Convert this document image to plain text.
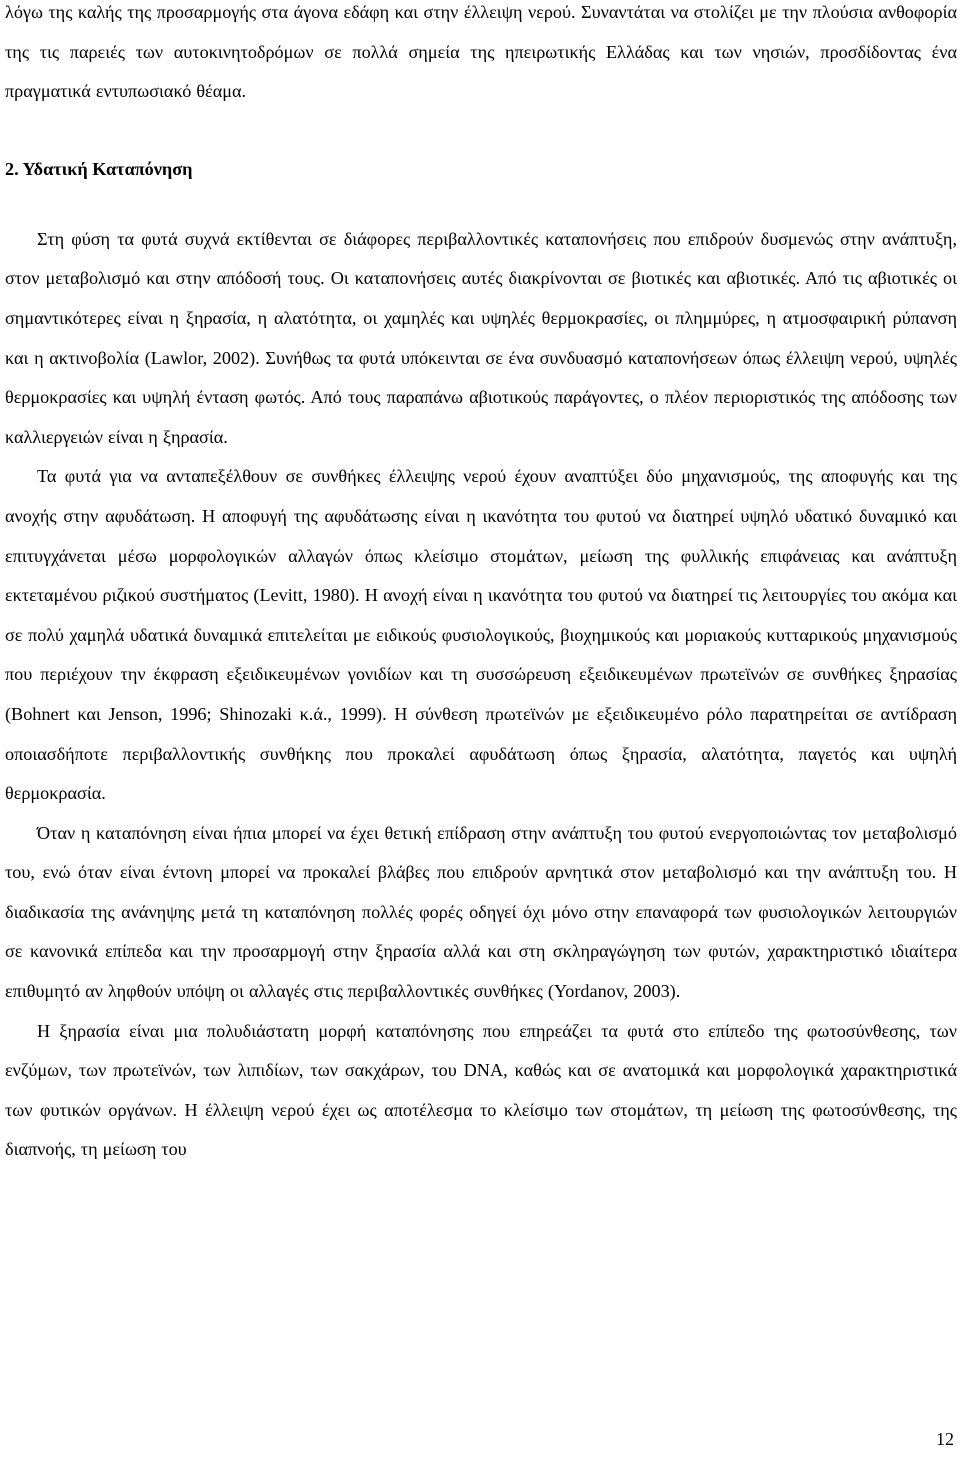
λόγω της καλής της προσαρμογής στα άγονα εδάφη και στην έλλειψη νερού. Συναντάται να στολίζει με την πλούσια ανθοφορία της τις παρειές των αυτοκινητοδρόμων σε πολλά σημεία της ηπειρωτικής Ελλάδας και των νησιών, προσδίδοντας ένα πραγματικά εντυπωσιακό θέαμα.

2. Υδατική Καταπόνηση

Στη φύση τα φυτά συχνά εκτίθενται σε διάφορες περιβαλλοντικές καταπονήσεις που επιδρούν δυσμενώς στην ανάπτυξη, στον μεταβολισμό και στην απόδοσή τους. Οι καταπονήσεις αυτές διακρίνονται σε βιοτικές και αβιοτικές. Από τις αβιοτικές οι σημαντικότερες είναι η ξηρασία, η αλατότητα, οι χαμηλές και υψηλές θερμοκρασίες, οι πλημμύρες, η ατμοσφαιρική ρύπανση και η ακτινοβολία (Lawlor, 2002). Συνήθως τα φυτά υπόκεινται σε ένα συνδυασμό καταπονήσεων όπως έλλειψη νερού, υψηλές θερμοκρασίες και υψηλή ένταση φωτός. Από τους παραπάνω αβιοτικούς παράγοντες, ο πλέον περιοριστικός της απόδοσης των καλλιεργειών είναι η ξηρασία.

Τα φυτά για να ανταπεξέλθουν σε συνθήκες έλλειψης νερού έχουν αναπτύξει δύο μηχανισμούς, της αποφυγής και της ανοχής στην αφυδάτωση. Η αποφυγή της αφυδάτωσης είναι η ικανότητα του φυτού να διατηρεί υψηλό υδατικό δυναμικό και επιτυγχάνεται μέσω μορφολογικών αλλαγών όπως κλείσιμο στομάτων, μείωση της φυλλικής επιφάνειας και ανάπτυξη εκτεταμένου ριζικού συστήματος (Levitt, 1980). Η ανοχή είναι η ικανότητα του φυτού να διατηρεί τις λειτουργίες του ακόμα και σε πολύ χαμηλά υδατικά δυναμικά επιτελείται με ειδικούς φυσιολογικούς, βιοχημικούς και μοριακούς κυτταρικούς μηχανισμούς που περιέχουν την έκφραση εξειδικευμένων γονιδίων και τη συσσώρευση εξειδικευμένων πρωτεϊνών σε συνθήκες ξηρασίας (Bohnert και Jenson, 1996; Shinozaki κ.ά., 1999). Η σύνθεση πρωτεϊνών με εξειδικευμένο ρόλο παρατηρείται σε αντίδραση οποιασδήποτε περιβαλλοντικής συνθήκης που προκαλεί αφυδάτωση όπως ξηρασία, αλατότητα, παγετός και υψηλή θερμοκρασία.

Όταν η καταπόνηση είναι ήπια μπορεί να έχει θετική επίδραση στην ανάπτυξη του φυτού ενεργοποιώντας τον μεταβολισμό του, ενώ όταν είναι έντονη μπορεί να προκαλεί βλάβες που επιδρούν αρνητικά στον μεταβολισμό και την ανάπτυξη του. Η διαδικασία της ανάνηψης μετά τη καταπόνηση πολλές φορές οδηγεί όχι μόνο στην επαναφορά των φυσιολογικών λειτουργιών σε κανονικά επίπεδα και την προσαρμογή στην ξηρασία αλλά και στη σκληραγώγηση των φυτών, χαρακτηριστικό ιδιαίτερα επιθυμητό αν ληφθούν υπόψη οι αλλαγές στις περιβαλλοντικές συνθήκες (Yordanov, 2003).

Η ξηρασία είναι μια πολυδιάστατη μορφή καταπόνησης που επηρεάζει τα φυτά στο επίπεδο της φωτοσύνθεσης, των ενζύμων, των πρωτεϊνών, των λιπιδίων, των σακχάρων, του DNA, καθώς και σε ανατομικά και μορφολογικά χαρακτηριστικά των φυτικών οργάνων. Η έλλειψη νερού έχει ως αποτέλεσμα το κλείσιμο των στομάτων, τη μείωση της φωτοσύνθεσης, της διαπνοής, τη μείωση του

12
